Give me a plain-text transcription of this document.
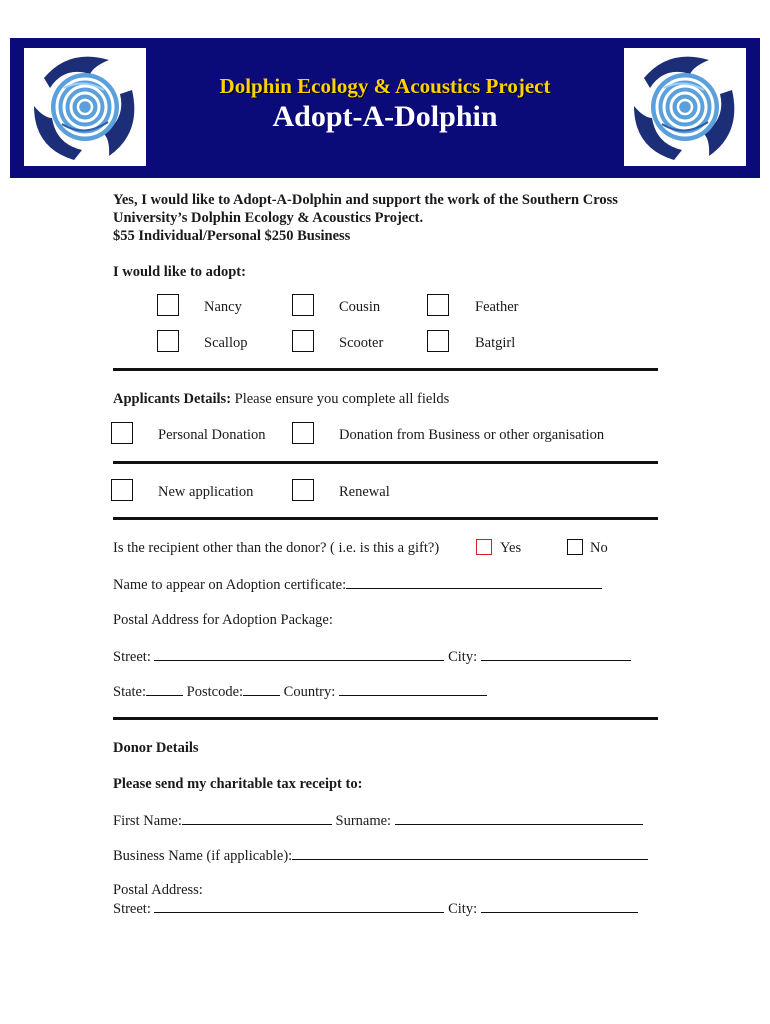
Dolphin Ecology & Acoustics Project
Adopt-A-Dolphin
Yes, I would like to Adopt-A-Dolphin and support the work of the Southern Cross
University’s Dolphin Ecology & Acoustics Project.
$55 Individual/Personal $250 Business
I would like to adopt:
Nancy	Cousin	Feather
Scallop	Scooter	Batgirl
Applicants Details: Please ensure you complete all fields
Personal Donation	Donation from Business or other organisation
New application	Renewal
Is the recipient other than the donor? ( i.e. is this a gift?)	Yes	No
Name to appear on Adoption certificate:
Postal Address for Adoption Package:
Street:	City:
State:	Postcode:	Country:
Donor Details
Please send my charitable tax receipt to:
First Name:	Surname:
Business Name (if applicable):
Postal Address:
Street:	City:
